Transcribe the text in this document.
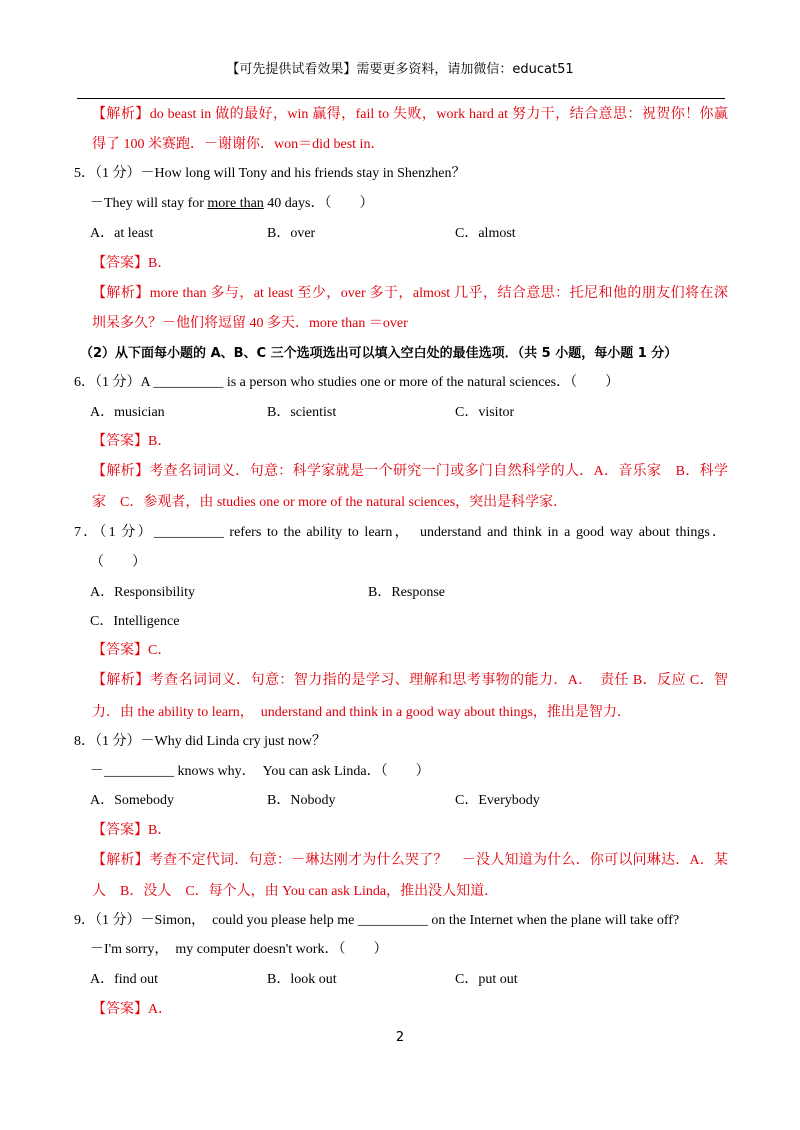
【可先提供试看效果】需要更多资料，请加微信：educat51
【解析】do beast in 做的最好，win 赢得，fail to 失败，work hard at 努力干，结合意思：祝贺你！你赢
得了 100 米赛跑．－谢谢你．won＝did best in．
5．（1 分）－How long will Tony and his friends stay in Shenzhen？
－They will stay for more than 40 days．（　　）
A．at least	B．over	C．almost
【答案】B．
【解析】more than 多与，at least 至少，over 多于，almost 几乎，结合意思：托尼和他的朋友们将在深
圳呆多久？－他们将逗留 40 多天．more than ＝over
（2）从下面每小题的 A、B、C 三个选项选出可以填入空白处的最佳选项．（共 5 小题，每小题 1 分）
6．（1 分）A __________ is a person who studies one or more of the natural sciences．（　　）
A．musician	B．scientist	C．visitor
【答案】B．
【解析】考查名词词义．句意：科学家就是一个研究一门或多门自然科学的人．A．音乐家　B．科学
家　C．参观者，由 studies one or more of the natural sciences，突出是科学家．
7．（1 分）__________ refers to the ability to learn，　understand and think in a good way about things．
（　　）
A．Responsibility	B．Response
C．Intelligence
【答案】C．
【解析】考查名词词义．句意：智力指的是学习、理解和思考事物的能力．A．　责任 B．反应 C．智
力．由 the ability to learn，　understand and think in a good way about things，推出是智力．
8．（1 分）－Why did Linda cry just now？
－__________ knows why．　You can ask Linda．（　　）
A．Somebody	B．Nobody	C．Everybody
【答案】B．
【解析】考查不定代词．句意：－琳达刚才为什么哭了？　－没人知道为什么．你可以问琳达．A．某
人　B．没人　C．每个人，由 You can ask Linda，推出没人知道．
9．（1 分）－Simon，　could you please help me __________ on the Internet when the plane will take off?
－I'm sorry，　my computer doesn't work．（　　）
A．find out	B．look out	C．put out
【答案】A．
2
